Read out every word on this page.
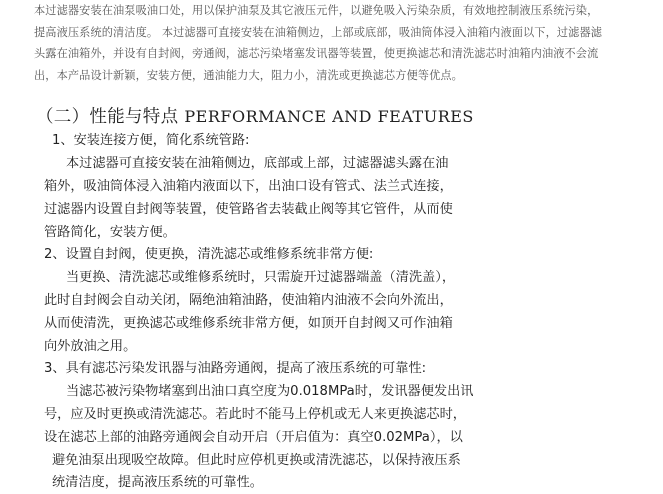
本过滤器安装在油泵吸油口处，用以保护油泵及其它液压元件，以避免吸入污染杂质，有效地控制液压系统污染，

提高液压系统的清洁度。 本过滤器可直接安装在油箱侧边，上部或底部，吸油筒体浸入油箱内液面以下，过滤器滤

头露在油箱外，并设有自封阀，旁通阀，滤芯污染堵塞发讯器等装置，使更换滤芯和清洗滤芯时油箱内油液不会流

出，本产品设计新颖，安装方便，通油能力大，阻力小，清洗或更换滤芯方便等优点。

（二）性能与特点 PERFORMANCE AND FEATURES
1、安装连接方便，简化系统管路:
本过滤器可直接安装在油箱侧边，底部或上部，过滤器滤头露在油
箱外，吸油筒体浸入油箱内液面以下，出油口设有管式、法兰式连接，
过滤器内设置自封阀等装置，使管路省去装截止阀等其它管件，从而使
管路简化，安装方便。
2、设置自封阀，使更换，清洗滤芯或维修系统非常方便:
当更换、清洗滤芯或维修系统时，只需旋开过滤器端盖（清洗盖），
此时自封阀会自动关闭，隔绝油箱油路，使油箱内油液不会向外流出，
从而使清洗，更换滤芯或维修系统非常方便，如顶开自封阀又可作油箱
向外放油之用。
3、具有滤芯污染发讯器与油路旁通阀，提高了液压系统的可靠性:
当滤芯被污染物堵塞到出油口真空度为0.018MPa时，发讯器便发出讯
号，应及时更换或清洗滤芯。若此时不能马上停机或无人来更换滤芯时，
设在滤芯上部的油路旁通阀会自动开启（开启值为：真空0.02MPa），以
避免油泵出现吸空故障。但此时应停机更换或清洗滤芯，以保持液压系
统清洁度，提高液压系统的可靠性。
